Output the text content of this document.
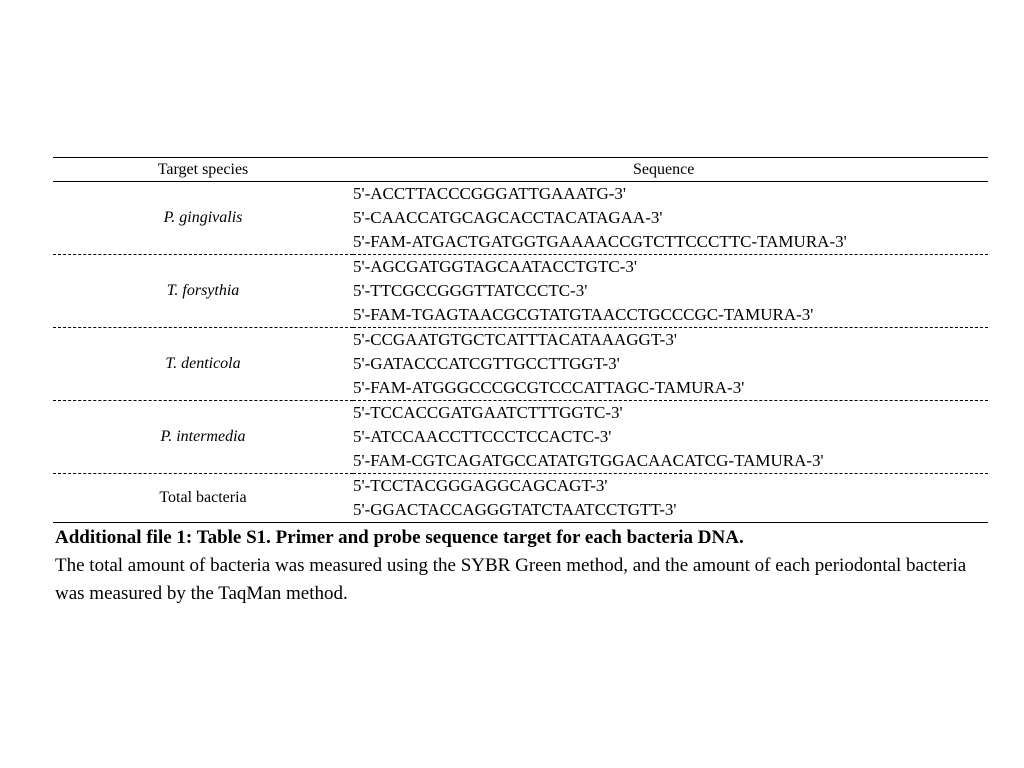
Target species	Sequence
P. gingivalis	5'-ACCTTACCCGGGATTGAAATG-3'
5'-CAACCATGCAGCACCTACATAGAA-3'
5'-FAM-ATGACTGATGGTGAAAACCGTCTTCCCTTC-TAMURA-3'

T. forsythia	5'-AGCGATGGTAGCAATACCTGTC-3'
5'-TTCGCCGGGTTATCCCTC-3'
5'-FAM-TGAGTAACGCGTATGTAACCTGCCCGC-TAMURA-3'

T. denticola	5'-CCGAATGTGCTCATTTACATAAAGGT-3'
5'-GATACCCATCGTTGCCTTGGT-3'
5'-FAM-ATGGGCCCGCGTCCCATTAGC-TAMURA-3'

P. intermedia	5'-TCCACCGATGAATCTTTGGTC-3'
5'-ATCCAACCTTCCCTCCACTC-3'
5'-FAM-CGTCAGATGCCATATGTGGACAACATCG-TAMURA-3'

Total bacteria	5'-TCCTACGGGAGGCAGCAGT-3'
5'-GGACTACCAGGGTATCTAATCCTGTT-3'
Additional file 1: Table S1. Primer and probe sequence target for each bacteria DNA.
The total amount of bacteria was measured using the SYBR Green method, and the amount of each periodontal bacteria was measured by the TaqMan method.
